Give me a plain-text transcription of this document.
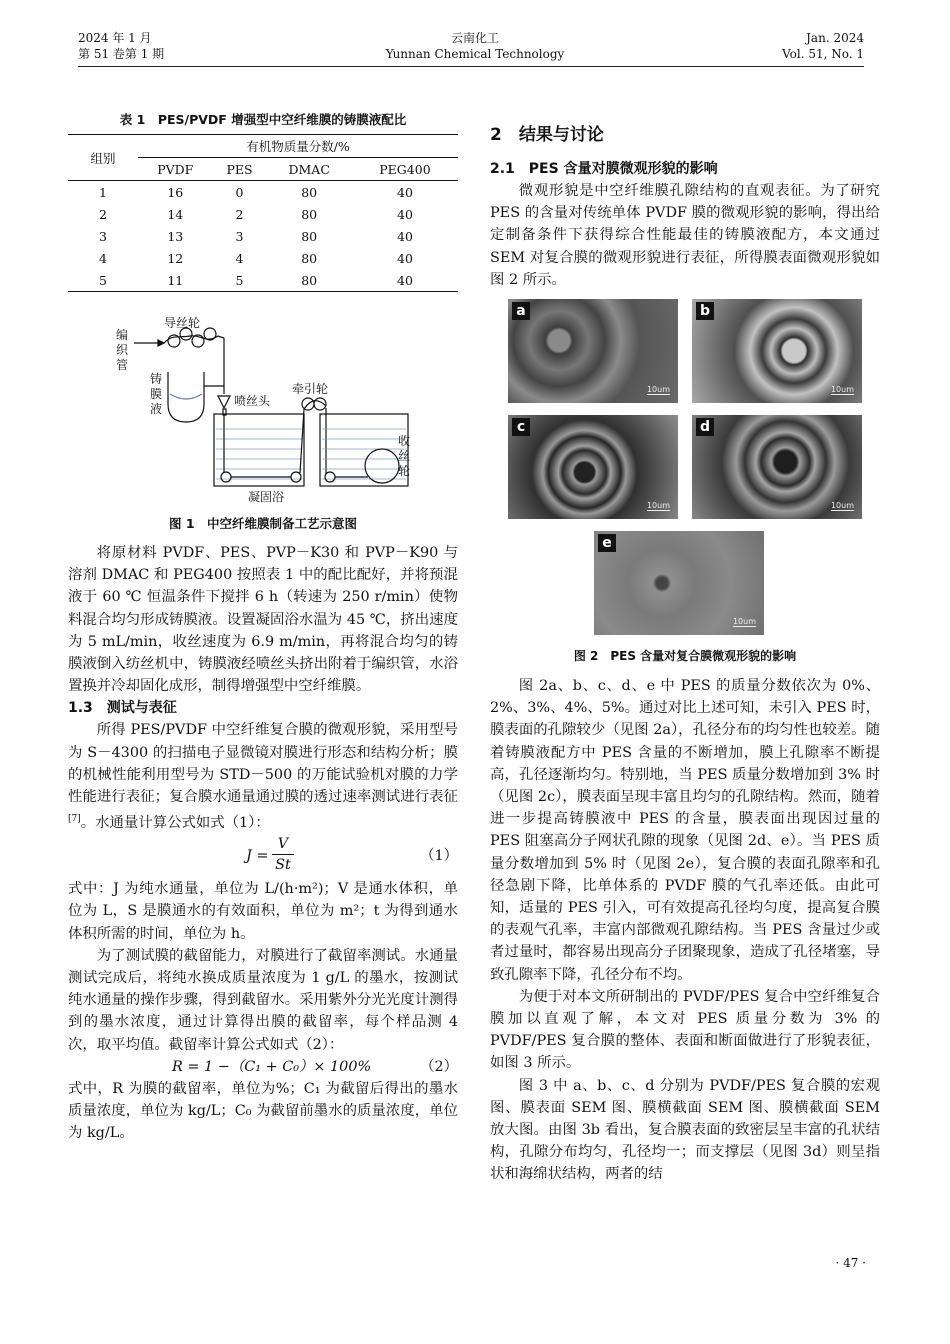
2024 年 1 月
第 51 卷第 1 期
云南化工
Yunnan Chemical Technology
Jan. 2024
Vol. 51, No. 1
表 1　PES/PVDF 增强型中空纤维膜的铸膜液配比
组别	有机物质量分数/%			
	PVDF	PES	DMAC	PEG400
1	16	0	80	40
2	14	2	80	40
3	13	3	80	40
4	12	4	80	40
5	11	5	80	40
导丝轮
编
织
管
铸
膜
液
喷丝头
牵引轮
收
丝
轮
凝固浴
图 1　中空纤维膜制备工艺示意图

将原材料 PVDF、PES、PVP－K30 和 PVP－K90 与溶剂 DMAC 和 PEG400 按照表 1 中的配比配好，并将预混液于 60 ℃ 恒温条件下搅拌 6 h（转速为 250 r/min）使物料混合均匀形成铸膜液。设置凝固浴水温为 45 ℃，挤出速度为 5 mL/min，收丝速度为 6.9 m/min，再将混合均匀的铸膜液倒入纺丝机中，铸膜液经喷丝头挤出附着于编织管，水浴置换并冷却固化成形，制得增强型中空纤维膜。

1.3　测试与表征

所得 PES/PVDF 中空纤维复合膜的微观形貌，采用型号为 S－4300 的扫描电子显微镜对膜进行形态和结构分析；膜的机械性能利用型号为 STD－500 的万能试验机对膜的力学性能进行表征；复合膜水通量通过膜的透过速率测试进行表征[7]。水通量计算公式如式（1）：

J =
V
St
（1）

式中：J 为纯水通量，单位为 L/(h·m²)；V 是通水体积，单位为 L，S 是膜通水的有效面积，单位为 m²；t 为得到通水体积所需的时间，单位为 h。

为了测试膜的截留能力，对膜进行了截留率测试。水通量测试完成后，将纯水换成质量浓度为 1 g/L 的墨水，按测试纯水通量的操作步骤，得到截留水。采用紫外分光光度计测得到的墨水浓度，通过计算得出膜的截留率，每个样品测 4 次，取平均值。截留率计算公式如式（2）：

R = 1 −（C₁ + C₀）× 100%	（2）

式中，R 为膜的截留率，单位为%；C₁ 为截留后得出的墨水质量浓度，单位为 kg/L；C₀ 为截留前墨水的质量浓度，单位为 kg/L。

2　结果与讨论
2.1　PES 含量对膜微观形貌的影响

微观形貌是中空纤维膜孔隙结构的直观表征。为了研究 PES 的含量对传统单体 PVDF 膜的微观形貌的影响，得出给定制备条件下获得综合性能最佳的铸膜液配方，本文通过 SEM 对复合膜的微观形貌进行表征，所得膜表面微观形貌如图 2 所示。

a
10um
b
10um
c
10um
d
10um
e
10um
图 2　PES 含量对复合膜微观形貌的影响

图 2a、b、c、d、e 中 PES 的质量分数依次为 0%、2%、3%、4%、5%。通过对比上述可知，未引入 PES 时，膜表面的孔隙较少（见图 2a），孔径分布的均匀性也较差。随着铸膜液配方中 PES 含量的不断增加，膜上孔隙率不断提高，孔径逐渐均匀。特别地，当 PES 质量分数增加到 3% 时（见图 2c），膜表面呈现丰富且均匀的孔隙结构。然而，随着进一步提高铸膜液中 PES 的含量，膜表面出现因过量的 PES 阻塞高分子网状孔隙的现象（见图 2d、e）。当 PES 质量分数增加到 5% 时（见图 2e），复合膜的表面孔隙率和孔径急剧下降，比单体系的 PVDF 膜的气孔率还低。由此可知，适量的 PES 引入，可有效提高孔径均匀度，提高复合膜的表观气孔率，丰富内部微观孔隙结构。当 PES 含量过少或者过量时，都容易出现高分子团聚现象，造成了孔径堵塞，导致孔隙率下降，孔径分布不均。

为便于对本文所研制出的 PVDF/PES 复合中空纤维复合膜加以直观了解，本文对 PES 质量分数为 3% 的 PVDF/PES 复合膜的整体、表面和断面做进行了形貌表征，如图 3 所示。

图 3 中 a、b、c、d 分别为 PVDF/PES 复合膜的宏观图、膜表面 SEM 图、膜横截面 SEM 图、膜横截面 SEM 放大图。由图 3b 看出，复合膜表面的致密层呈丰富的孔状结构，孔隙分布均匀，孔径均一；而支撑层（见图 3d）则呈指状和海绵状结构，两者的结

· 47 ·
